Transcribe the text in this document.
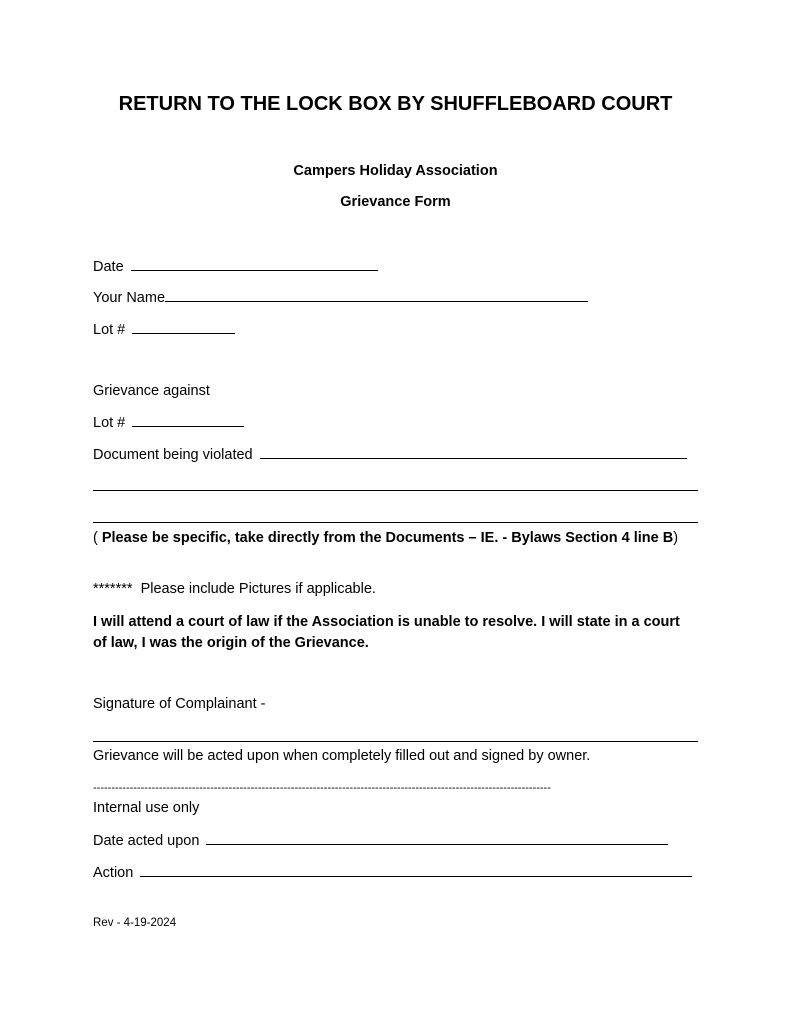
RETURN TO THE LOCK BOX BY SHUFFLEBOARD COURT
Campers Holiday Association
Grievance Form
Date
Your Name
Lot #
Grievance against
Lot #
Document being violated
( Please be specific, take directly from the Documents – IE. - Bylaws Section 4 line B)
******* Please include Pictures if applicable.
I will attend a court of law if the Association is unable to resolve. I will state in a court of law, I was the origin of the Grievance.
Signature of Complainant -
Grievance will be acted upon when completely filled out and signed by owner.
-----------------------------------------------------------------------------------------------------------------------------
Internal use only
Date acted upon
Action
Rev - 4-19-2024
